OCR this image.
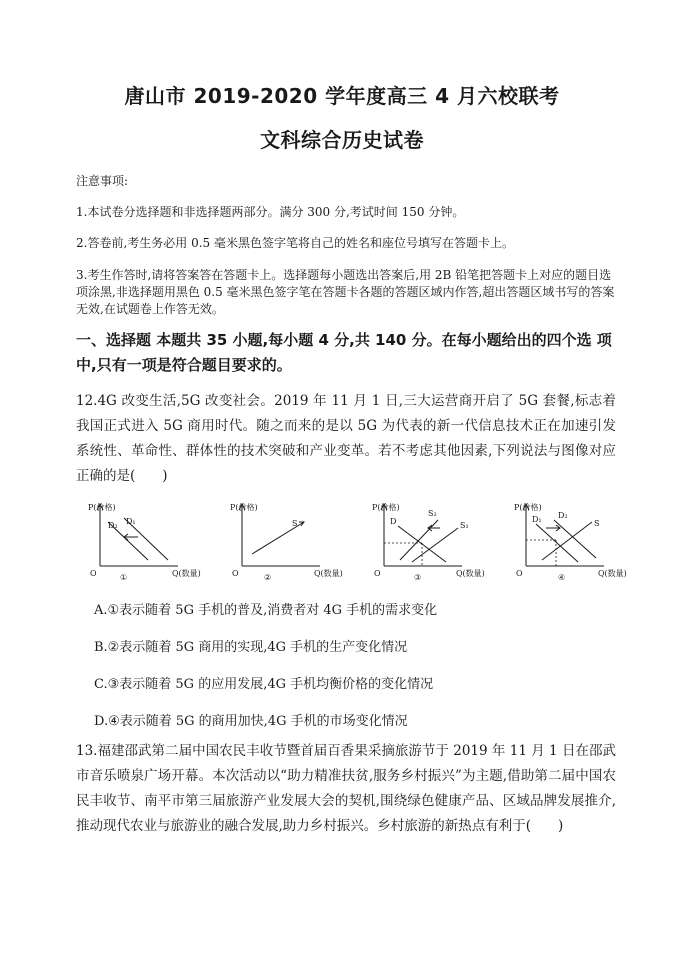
唐山市 2019-2020 学年度高三 4 月六校联考
文科综合历史试卷
注意事项:
1.本试卷分选择题和非选择题两部分。满分 300 分,考试时间 150 分钟。
2.答卷前,考生务必用 0.5 毫米黑色签字笔将自己的姓名和座位号填写在答题卡上。
3.考生作答时,请将答案答在答题卡上。选择题每小题选出答案后,用 2B 铅笔把答题卡上对应的题目选项涂黑,非选择题用黑色 0.5 毫米黑色签字笔在答题卡各题的答题区域内作答,超出答题区域书写的答案无效,在试题卷上作答无效。
一、选择题 本题共 35 小题,每小题 4 分,共 140 分。在每小题给出的四个选 项中,只有一项是符合题目要求的。
12.4G 改变生活,5G 改变社会。2019 年 11 月 1 日,三大运营商开启了 5G 套餐,标志着我国正式进入 5G 商用时代。随之而来的是以 5G 为代表的新一代信息技术正在加速引发系统性、革命性、群体性的技术突破和产业变革。若不考虑其他因素,下列说法与图像对应正确的是(　　)
P(价格)
Q(数量)
O
D₂ D₁
①
P(价格)
Q(数量)
O
S
②
P(价格)
Q(数量)
O
D
S₂
S₁
③
P(价格)
Q(数量)
O
D₁ D₂
S
④
A.①表示随着 5G 手机的普及,消费者对 4G 手机的需求变化
B.②表示随着 5G 商用的实现,4G 手机的生产变化情况
C.③表示随着 5G 的应用发展,4G 手机均衡价格的变化情况
D.④表示随着 5G 的商用加快,4G 手机的市场变化情况
13.福建邵武第二届中国农民丰收节暨首届百香果采摘旅游节于 2019 年 11 月 1 日在邵武市音乐喷泉广场开幕。本次活动以“助力精准扶贫,服务乡村振兴”为主题,借助第二届中国农民丰收节、南平市第三届旅游产业发展大会的契机,围绕绿色健康产品、区域品牌发展推介,推动现代农业与旅游业的融合发展,助力乡村振兴。乡村旅游的新热点有利于(　　)
